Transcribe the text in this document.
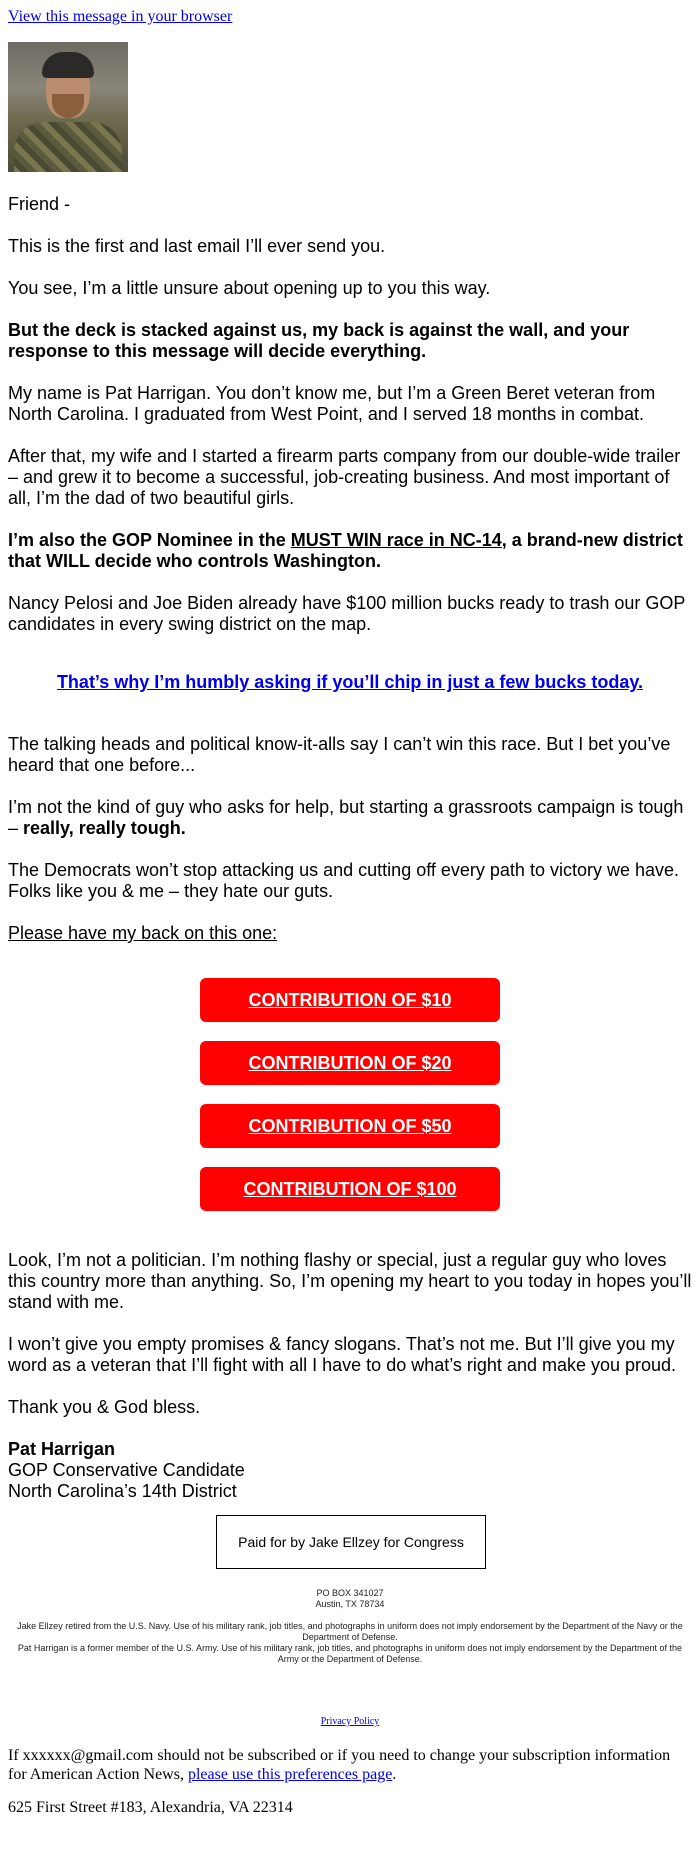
View this message in your browser
Friend -
This is the first and last email I’ll ever send you.
You see, I’m a little unsure about opening up to you this way.
But the deck is stacked against us, my back is against the wall, and your response to this message will decide everything.
My name is Pat Harrigan. You don’t know me, but I’m a Green Beret veteran from North Carolina. I graduated from West Point, and I served 18 months in combat.
After that, my wife and I started a firearm parts company from our double-wide trailer – and grew it to become a successful, job-creating business. And most important of all, I’m the dad of two beautiful girls.
I’m also the GOP Nominee in the MUST WIN race in NC-14, a brand-new district that WILL decide who controls Washington.
Nancy Pelosi and Joe Biden already have $100 million bucks ready to trash our GOP candidates in every swing district on the map.
That’s why I’m humbly asking if you’ll chip in just a few bucks today.
The talking heads and political know-it-alls say I can’t win this race. But I bet you’ve heard that one before...
I’m not the kind of guy who asks for help, but starting a grassroots campaign is tough – really, really tough.
The Democrats won’t stop attacking us and cutting off every path to victory we have. Folks like you & me – they hate our guts.
Please have my back on this one:
CONTRIBUTION OF $10
CONTRIBUTION OF $20
CONTRIBUTION OF $50
CONTRIBUTION OF $100
Look, I’m not a politician. I’m nothing flashy or special, just a regular guy who loves this country more than anything. So, I’m opening my heart to you today in hopes you’ll stand with me.
I won’t give you empty promises & fancy slogans. That’s not me. But I’ll give you my word as a veteran that I’ll fight with all I have to do what’s right and make you proud.
Thank you & God bless.
Pat Harrigan
GOP Conservative Candidate
North Carolina’s 14th District
Paid for by Jake Ellzey for Congress
PO BOX 341027
Austin, TX 78734
Jake Ellzey retired from the U.S. Navy. Use of his military rank, job titles, and photographs in uniform does not imply endorsement by the Department of the Navy or the Department of Defense.
Pat Harrigan is a former member of the U.S. Army. Use of his military rank, job titles, and photographs in uniform does not imply endorsement by the Department of the Army or the Department of Defense.
Privacy Policy
If xxxxxx@gmail.com should not be subscribed or if you need to change your subscription information for American Action News, please use this preferences page.
625 First Street #183, Alexandria, VA 22314
